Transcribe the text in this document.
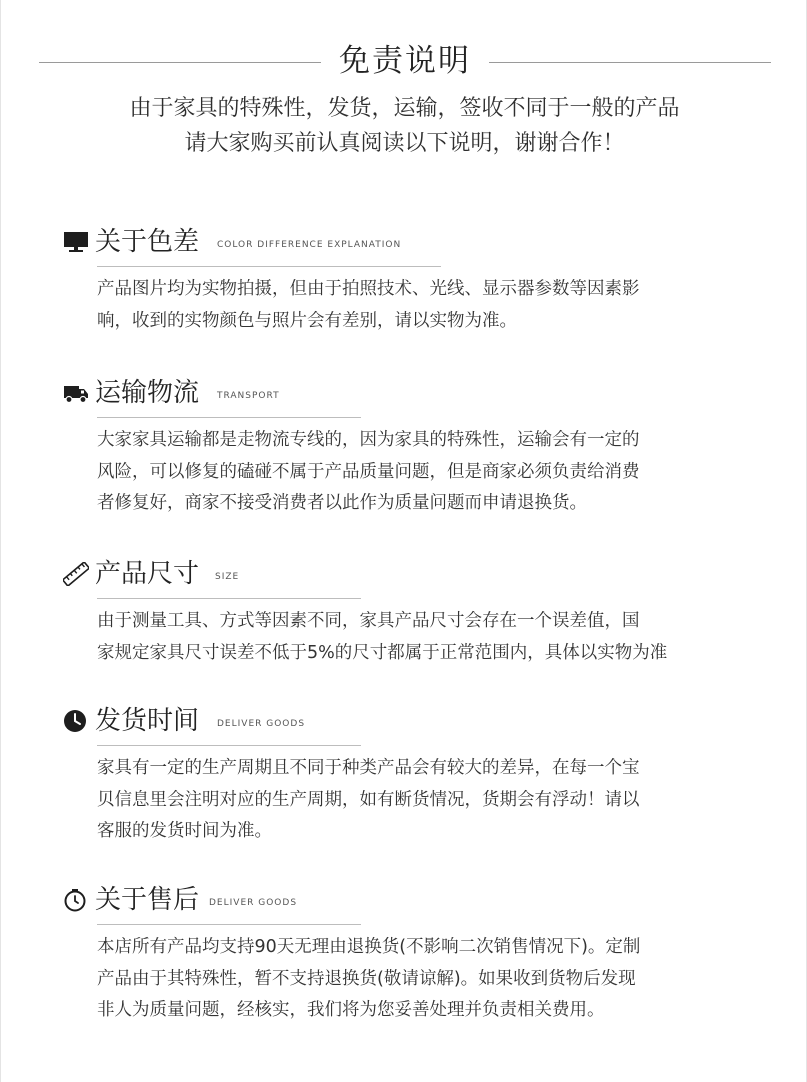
免责说明
由于家具的特殊性，发货，运输，签收不同于一般的产品
请大家购买前认真阅读以下说明，谢谢合作！
关于色差 COLOR DIFFERENCE EXPLANATION

产品图片均为实物拍摄，但由于拍照技术、光线、显示器参数等因素影

响，收到的实物颜色与照片会有差别，请以实物为准。

运输物流 TRANSPORT

大家家具运输都是走物流专线的，因为家具的特殊性，运输会有一定的

风险，可以修复的磕碰不属于产品质量问题，但是商家必须负责给消费

者修复好，商家不接受消费者以此作为质量问题而申请退换货。

产品尺寸 SIZE

由于测量工具、方式等因素不同，家具产品尺寸会存在一个误差值，国

家规定家具尺寸误差不低于5%的尺寸都属于正常范围内，具体以实物为准

发货时间 DELIVER GOODS

家具有一定的生产周期且不同于种类产品会有较大的差异，在每一个宝

贝信息里会注明对应的生产周期，如有断货情况，货期会有浮动！请以

客服的发货时间为准。

关于售后 DELIVER GOODS

本店所有产品均支持90天无理由退换货(不影响二次销售情况下)。定制

产品由于其特殊性，暂不支持退换货(敬请谅解)。如果收到货物后发现

非人为质量问题，经核实，我们将为您妥善处理并负责相关费用。
